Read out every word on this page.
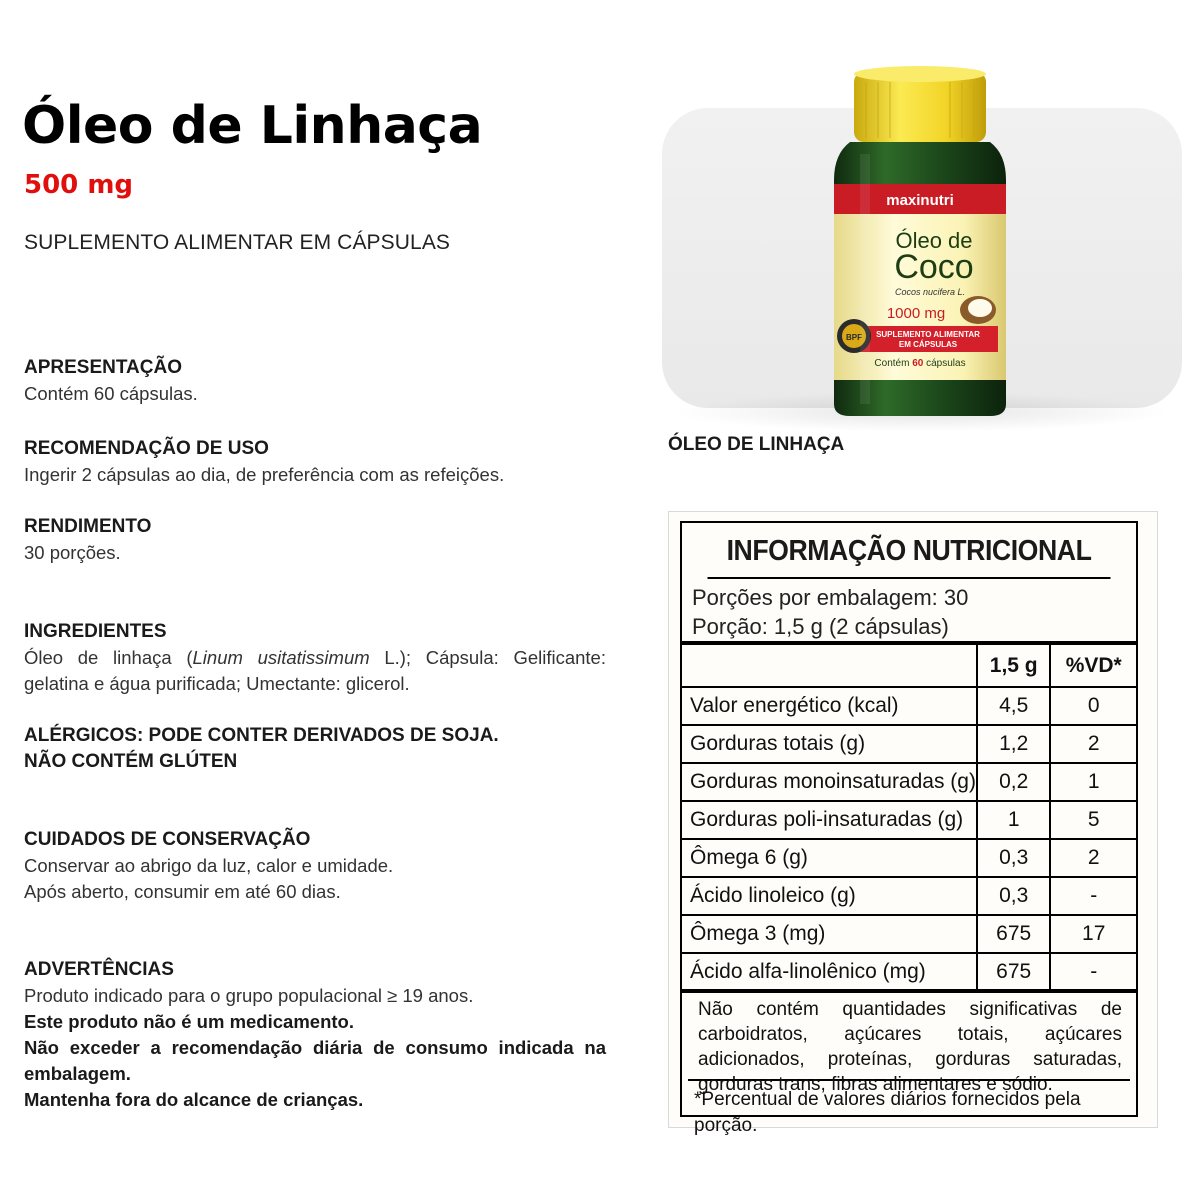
Óleo de Linhaça
500 mg
SUPLEMENTO ALIMENTAR EM CÁPSULAS
APRESENTAÇÃO

Contém 60 cápsulas.

RECOMENDAÇÃO DE USO

Ingerir 2 cápsulas ao dia, de preferência com as refeições.

RENDIMENTO

30 porções.

INGREDIENTES

Óleo de linhaça (Linum usitatissimum L.); Cápsula: Gelificante: gelatina e água purificada; Umectante: glicerol.

ALÉRGICOS: PODE CONTER DERIVADOS DE SOJA.
NÃO CONTÉM GLÚTEN
CUIDADOS DE CONSERVAÇÃO

Conservar ao abrigo da luz, calor e umidade.

Após aberto, consumir em até 60 dias.

ADVERTÊNCIAS

Produto indicado para o grupo populacional ≥ 19 anos.

Este produto não é um medicamento.

Não exceder a recomendação diária de consumo indicada na embalagem.

Mantenha fora do alcance de crianças.

maxinutri
Óleo de
Coco
Cocos nucifera L.
1000 mg
SUPLEMENTO ALIMENTAR
EM CÁPSULAS
BPF
Contém 60 cápsulas
ÓLEO DE LINHAÇA
INFORMAÇÃO NUTRICIONAL
Porções por embalagem: 30
Porção: 1,5 g (2 cápsulas)
	1,5 g	%VD*
Valor energético (kcal)	4,5	0
Gorduras totais (g)	1,2	2
Gorduras monoinsaturadas (g)	0,2	1
Gorduras poli-insaturadas (g)	1	5
Ômega 6 (g)	0,3	2
Ácido linoleico (g)	0,3	-
Ômega 3 (mg)	675	17
Ácido alfa-linolênico (mg)	675	-
Não contém quantidades significativas de carboidratos, açúcares totais, açúcares adicionados, proteínas, gorduras saturadas, gorduras trans, fibras alimentares e sódio.
*Percentual de valores diários fornecidos pela porção.
